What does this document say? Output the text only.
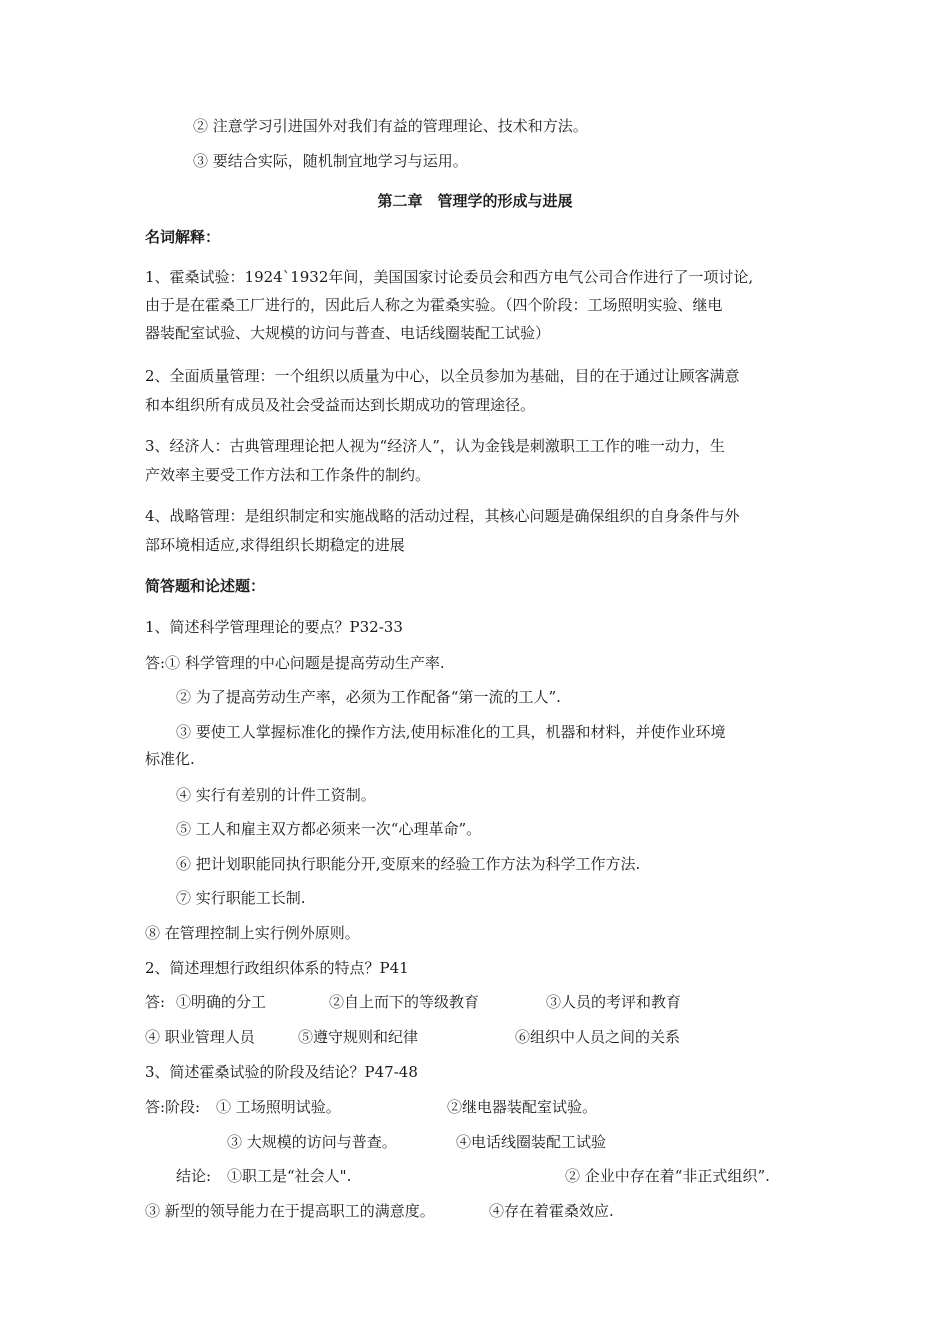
② 注意学习引进国外对我们有益的管理理论、技术和方法。
③ 要结合实际，随机制宜地学习与运用。
第二章　管理学的形成与进展
名词解释：
1、霍桑试验：1924`1932年间，美国国家讨论委员会和西方电气公司合作进行了一项讨论,
由于是在霍桑工厂进行的，因此后人称之为霍桑实验。（四个阶段：工场照明实验、继电
器装配室试验、大规模的访问与普查、电话线圈装配工试验）
2、全面质量管理：一个组织以质量为中心，以全员参加为基础，目的在于通过让顾客满意
和本组织所有成员及社会受益而达到长期成功的管理途径。
3、经济人：古典管理理论把人视为“经济人”，认为金钱是刺激职工工作的唯一动力，生
产效率主要受工作方法和工作条件的制约。
4、战略管理：是组织制定和实施战略的活动过程，其核心问题是确保组织的自身条件与外
部环境相适应,求得组织长期稳定的进展
简答题和论述题：
1、简述科学管理理论的要点？P32-33
答:① 科学管理的中心问题是提高劳动生产率.
② 为了提高劳动生产率，必须为工作配备“第一流的工人”.
③ 要使工人掌握标准化的操作方法,使用标准化的工具，机器和材料，并使作业环境
标准化.
④ 实行有差别的计件工资制。
⑤ 工人和雇主双方都必须来一次“心理革命”。
⑥ 把计划职能同执行职能分开,变原来的经验工作方法为科学工作方法.
⑦ 实行职能工长制.
⑧ 在管理控制上实行例外原则。
2、简述理想行政组织体系的特点？P41
答: ①明确的分工	②自上而下的等级教育	③人员的考评和教育
④ 职业管理人员	⑤遵守规则和纪律	⑥组织中人员之间的关系
3、简述霍桑试验的阶段及结论？P47-48
答:阶段: ① 工场照明试验。	②继电器装配室试验。
③ 大规模的访问与普查。	④电话线圈装配工试验
结论: ①职工是“社会人".	② 企业中存在着“非正式组织”.
③ 新型的领导能力在于提高职工的满意度。	④存在着霍桑效应.
